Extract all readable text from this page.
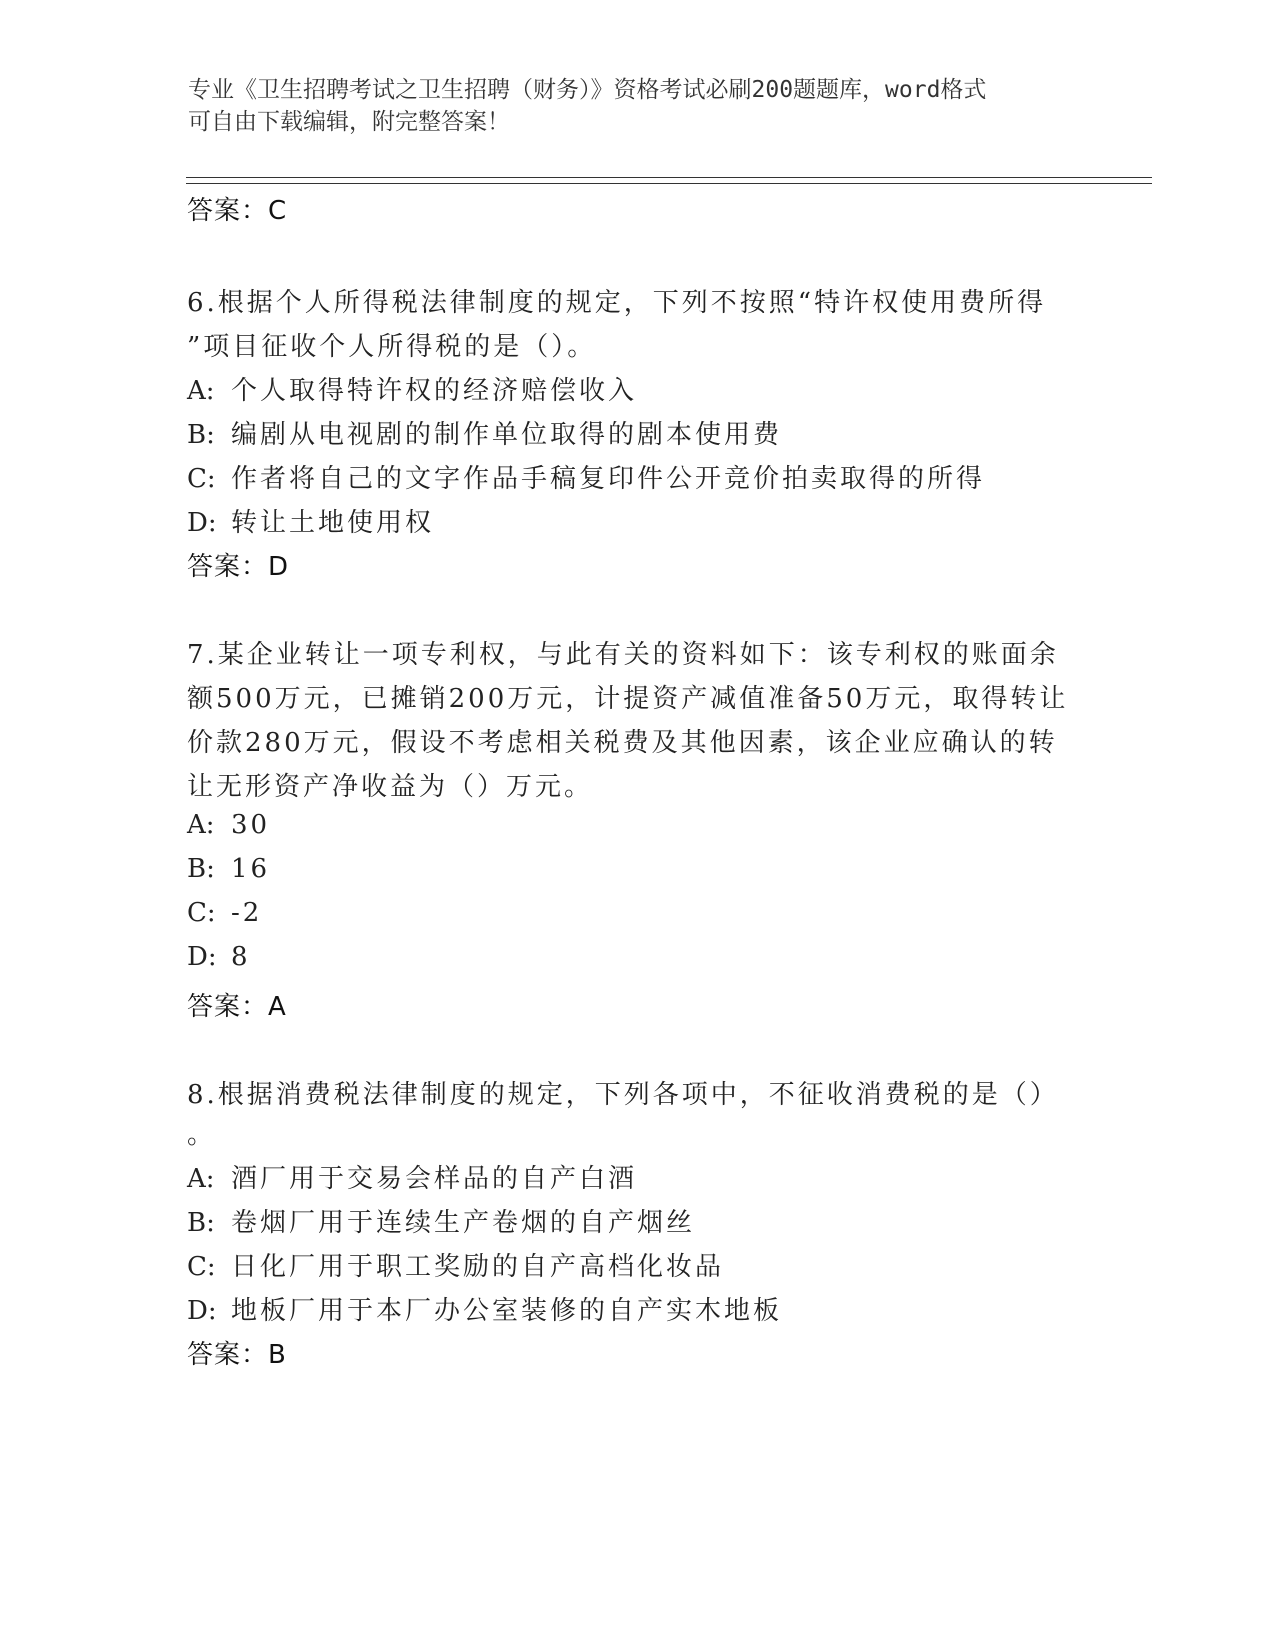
专业《卫生招聘考试之卫生招聘（财务）》资格考试必刷200题题库，word格式
可自由下载编辑，附完整答案！
答案：C
6.根据个人所得税法律制度的规定，下列不按照“特许权使用费所得
”项目征收个人所得税的是（）。
A: 个人取得特许权的经济赔偿收入
B: 编剧从电视剧的制作单位取得的剧本使用费
C: 作者将自己的文字作品手稿复印件公开竞价拍卖取得的所得
D: 转让土地使用权
答案：D
7.某企业转让一项专利权，与此有关的资料如下：该专利权的账面余
额500万元，已摊销200万元，计提资产减值准备50万元，取得转让
价款280万元，假设不考虑相关税费及其他因素，该企业应确认的转
让无形资产净收益为（）万元。
A: 30
B: 16
C: -2
D: 8
答案：A
8.根据消费税法律制度的规定，下列各项中，不征收消费税的是（）
。
A: 酒厂用于交易会样品的自产白酒
B: 卷烟厂用于连续生产卷烟的自产烟丝
C: 日化厂用于职工奖励的自产高档化妆品
D: 地板厂用于本厂办公室装修的自产实木地板
答案：B
